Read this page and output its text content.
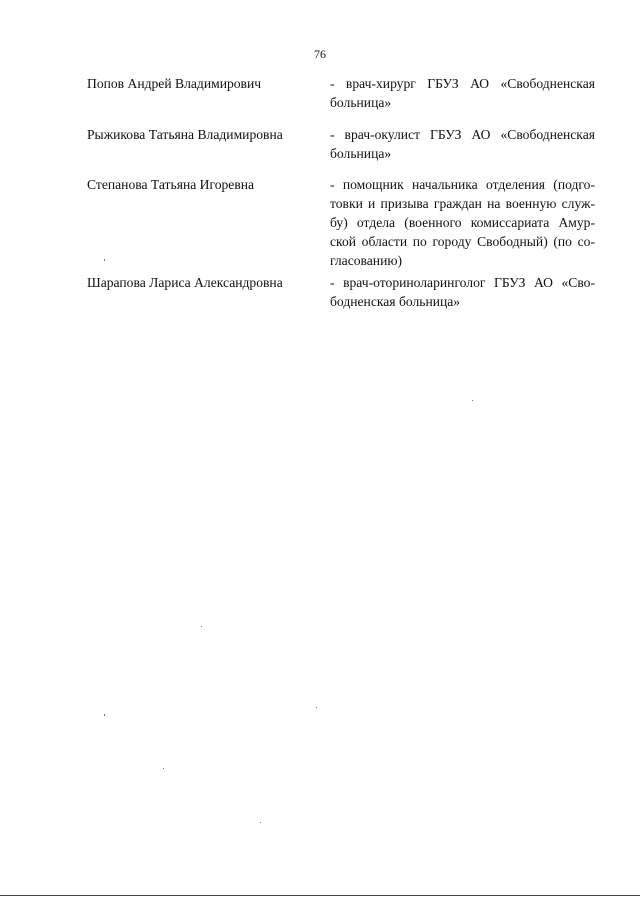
76
Попов Андрей Владимирович	- врач-хирург ГБУЗ АО «Свободненская
больница»
Рыжикова Татьяна Владимировна	- врач-окулист ГБУЗ АО «Свободненская
больница»
Степанова Татьяна Игоревна	- помощник начальника отделения (подго-
товки и призыва граждан на военную служ-
бу) отдела (военного комиссариата Амур-
ской области по городу Свободный) (по со-
гласованию)
Шарапова Лариса Александровна	- врач-оториноларинголог ГБУЗ АО «Сво-
бодненская больница»
